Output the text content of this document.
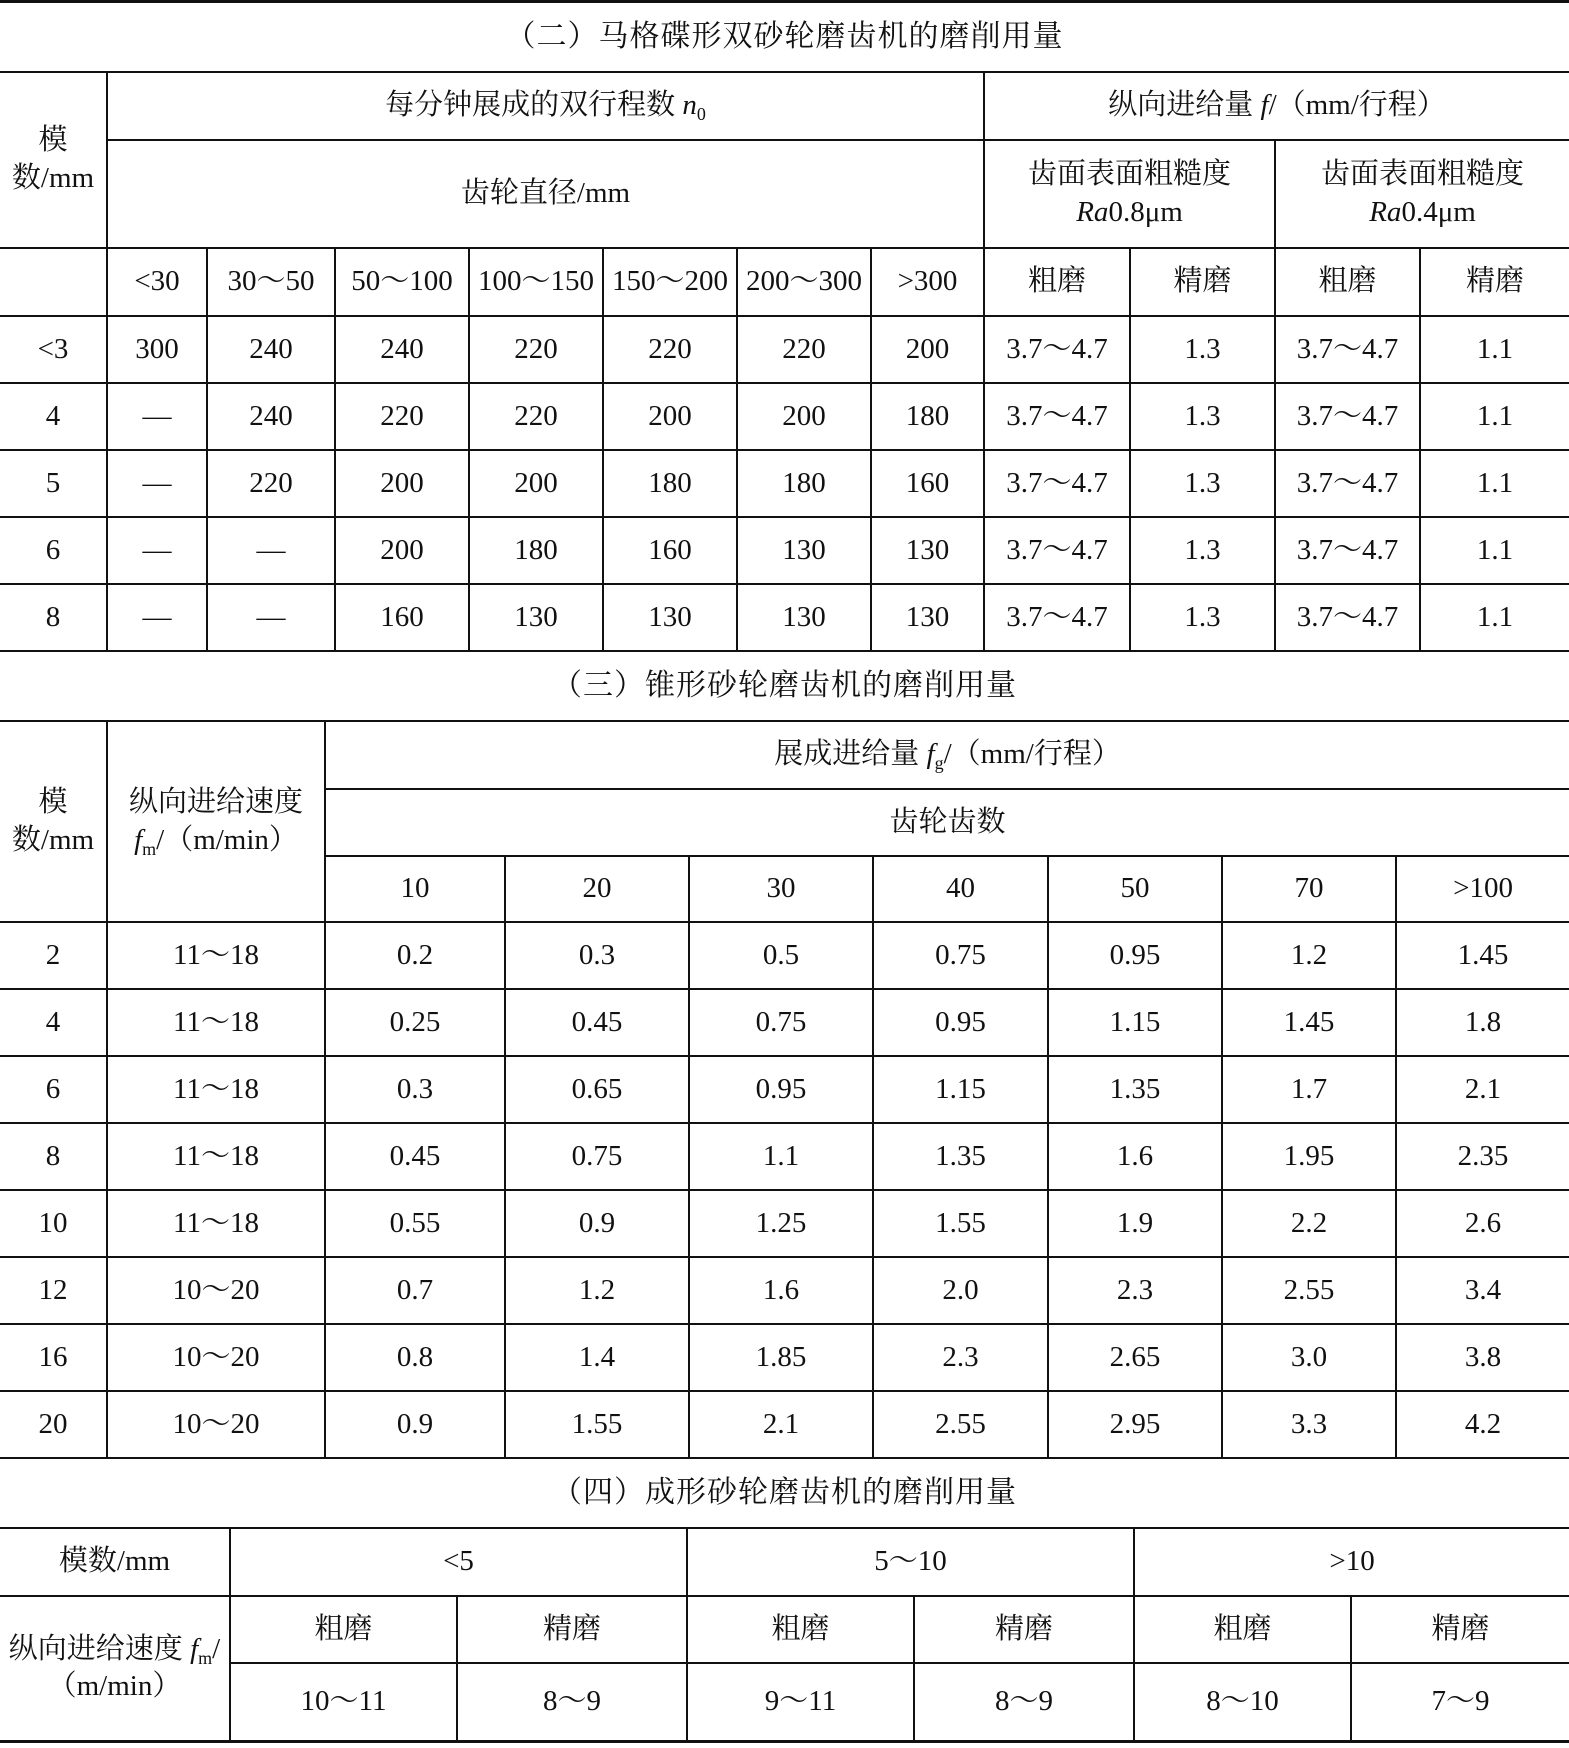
（二）马格碟形双砂轮磨齿机的磨削用量
模数/mm	每分钟展成的双行程数 $n_0$							纵向进给量 f/（mm/行程）			
	齿轮直径/mm							齿面表面粗糙度 Ra0.8μm		齿面表面粗糙度 Ra0.4μm	
	<30	30～50	50～100	100～150	150～200	200～300	>300	粗磨	精磨	粗磨	精磨
<3	300	240	240	220	220	220	200	3.7～4.7	1.3	3.7～4.7	1.1
4	—	240	220	220	200	200	180	3.7～4.7	1.3	3.7～4.7	1.1
5	—	220	200	200	180	180	160	3.7～4.7	1.3	3.7～4.7	1.1
6	—	—	200	180	160	130	130	3.7～4.7	1.3	3.7～4.7	1.1
8	—	—	160	130	130	130	130	3.7～4.7	1.3	3.7～4.7	1.1
（三）锥形砂轮磨齿机的磨削用量
模数/mm	纵向进给速度 $f_m/(m/\min)$	展成进给量 $f_g/(mm/$行程）						
		齿轮齿数						
		10	20	30	40	50	70	>100
2	11～18	0.2	0.3	0.5	0.75	0.95	1.2	1.45
4	11～18	0.25	0.45	0.75	0.95	1.15	1.45	1.8
6	11～18	0.3	0.65	0.95	1.15	1.35	1.7	2.1
8	11～18	0.45	0.75	1.1	1.35	1.6	1.95	2.35
10	11～18	0.55	0.9	1.25	1.55	1.9	2.2	2.6
12	10～20	0.7	1.2	1.6	2.0	2.3	2.55	3.4
16	10～20	0.8	1.4	1.85	2.3	2.65	3.0	3.8
20	10～20	0.9	1.55	2.1	2.55	2.95	3.3	4.2
（四）成形砂轮磨齿机的磨削用量
模数/mm	<5		5～10		>10	
纵向进给速度 $f_m/(m/\min)$	粗磨	精磨	粗磨	精磨	粗磨	精磨
	10～11	8～9	9～11	8～9	8～10	7～9
